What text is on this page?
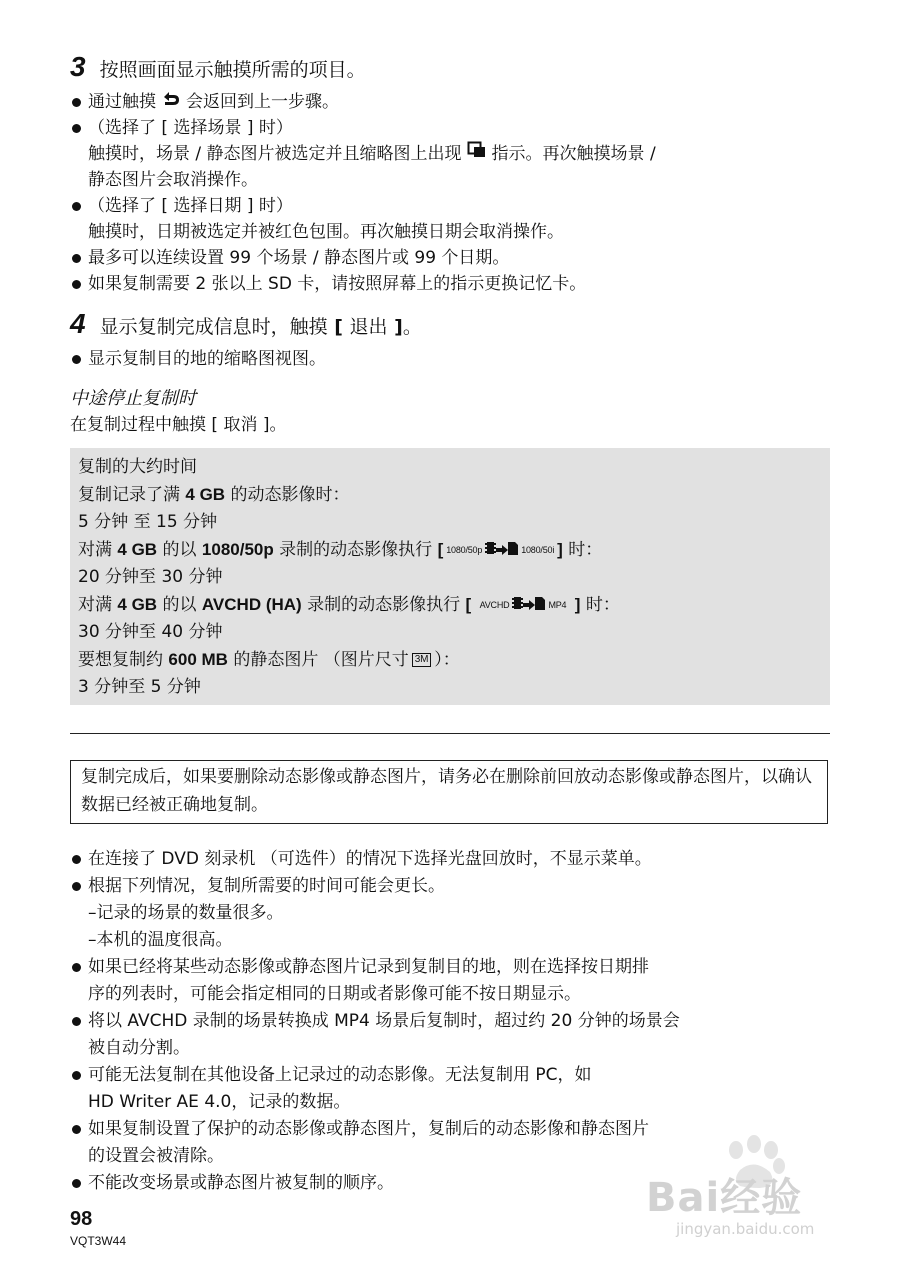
3 按照画面显示触摸所需的项目。
通过触摸 会返回到上一步骤。
（选择了 [ 选择场景 ] 时）
触摸时，场景 / 静态图片被选定并且缩略图上出现 指示。再次触摸场景 /
静态图片会取消操作。
（选择了 [ 选择日期 ] 时）
触摸时，日期被选定并被红色包围。再次触摸日期会取消操作。
最多可以连续设置 99 个场景 / 静态图片或 99 个日期。
如果复制需要 2 张以上 SD 卡，请按照屏幕上的指示更换记忆卡。
4 显示复制完成信息时，触摸 [ 退出 ]。
显示复制目的地的缩略图视图。
中途停止复制时
在复制过程中触摸 [ 取消 ]。
复制的大约时间
复制记录了满 4 GB 的动态影像时：
5 分钟 至 15 分钟
对满 4 GB 的以 1080/50p 录制的动态影像执行 [ 1080/50p	1080/50i ] 时：
20 分钟至 30 分钟
对满 4 GB 的以 AVCHD (HA) 录制的动态影像执行 [ AVCHD	MP4 ] 时：
30 分钟至 40 分钟
要想复制约 600 MB 的静态图片 （图片尺寸 3M ）：
3 分钟至 5 分钟
复制完成后，如果要删除动态影像或静态图片，请务必在删除前回放动态影像或静态图片，以确认数据已经被正确地复制。
在连接了 DVD 刻录机 （可选件）的情况下选择光盘回放时，不显示菜单。
根据下列情况，复制所需要的时间可能会更长。
–记录的场景的数量很多。
–本机的温度很高。
如果已经将某些动态影像或静态图片记录到复制目的地，则在选择按日期排
序的列表时，可能会指定相同的日期或者影像可能不按日期显示。
将以 AVCHD 录制的场景转换成 MP4 场景后复制时，超过约 20 分钟的场景会
被自动分割。
可能无法复制在其他设备上记录过的动态影像。无法复制用 PC，如
HD Writer AE 4.0，记录的数据。
如果复制设置了保护的动态影像或静态图片，复制后的动态影像和静态图片
的设置会被清除。
不能改变场景或静态图片被复制的顺序。	Bai经验
jingyan.baidu.com
98
VQT3W44
